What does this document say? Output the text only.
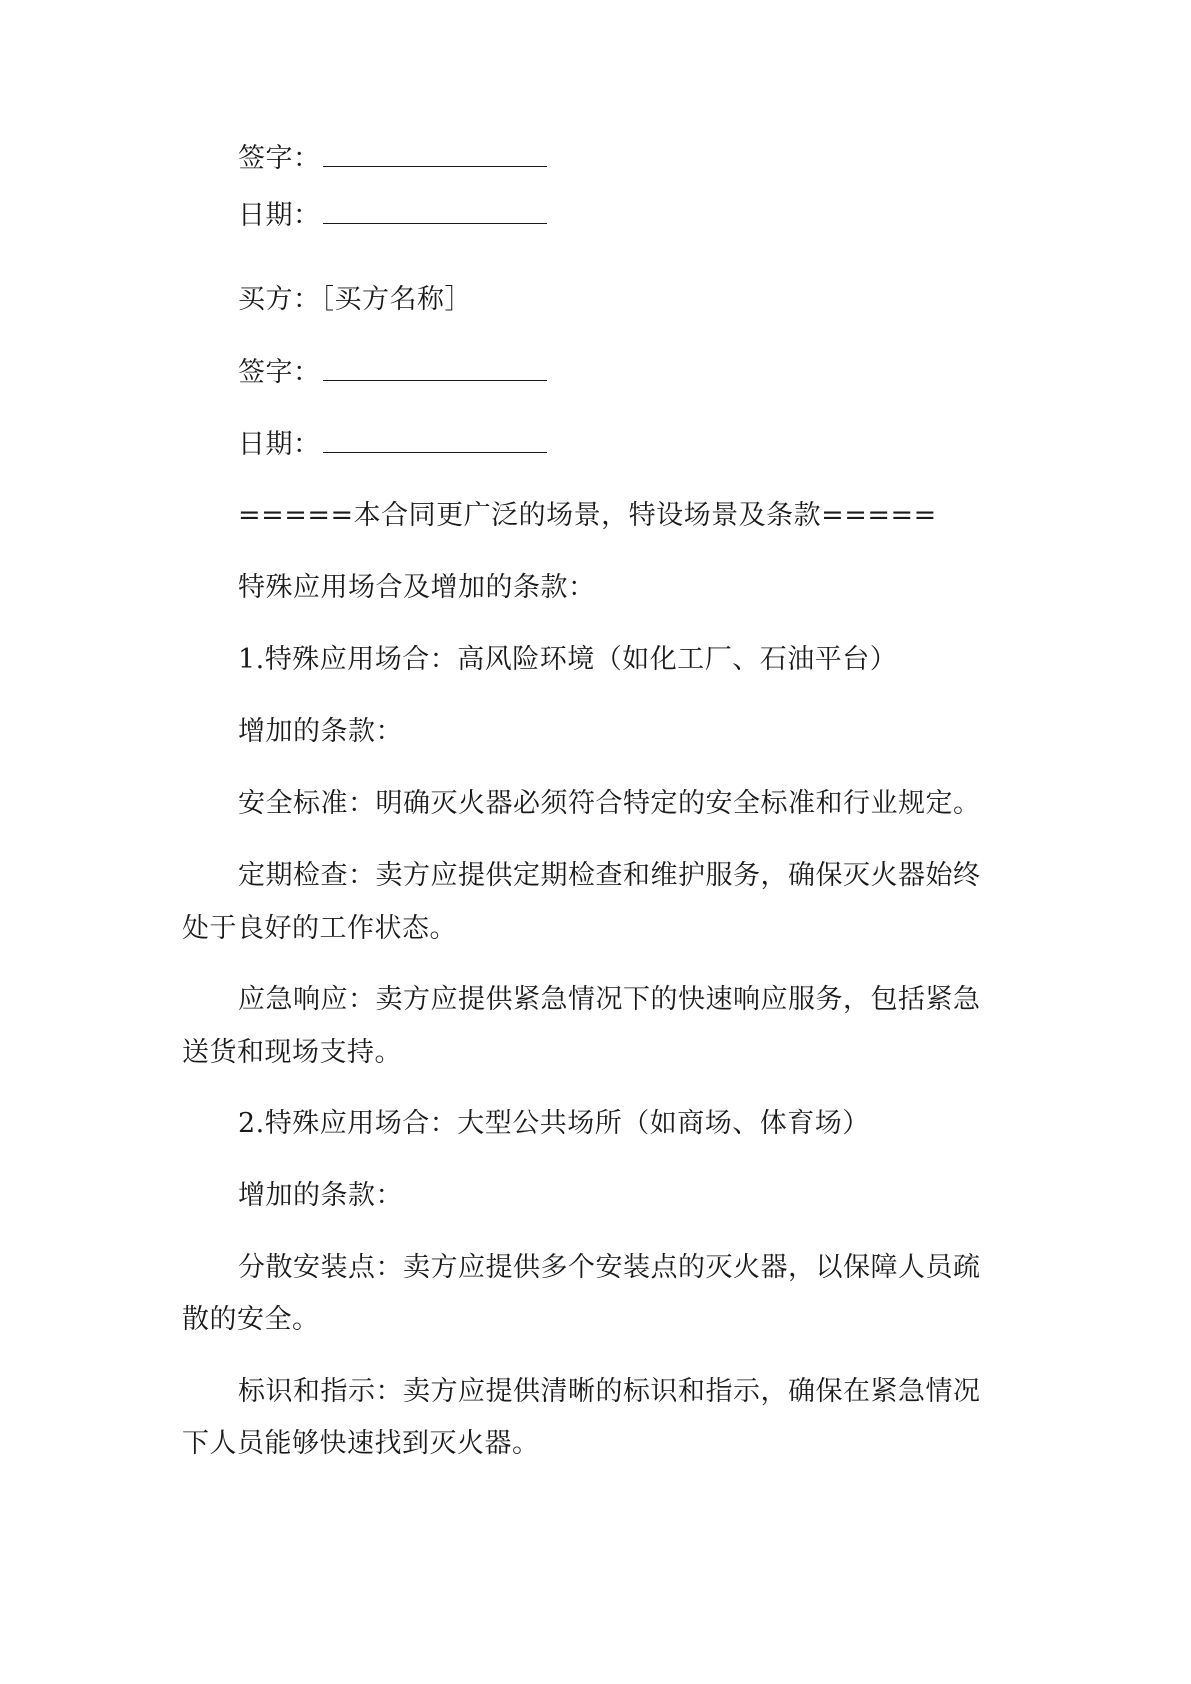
签字：
日期：
买方：［买方名称］
签字：
日期：
=====本合同更广泛的场景，特设场景及条款=====
特殊应用场合及增加的条款：
1.特殊应用场合：高风险环境（如化工厂、石油平台）
增加的条款：
安全标准：明确灭火器必须符合特定的安全标准和行业规定。
定期检查：卖方应提供定期检查和维护服务，确保灭火器始终
处于良好的工作状态。
应急响应：卖方应提供紧急情况下的快速响应服务，包括紧急
送货和现场支持。
2.特殊应用场合：大型公共场所（如商场、体育场）
增加的条款：
分散安装点：卖方应提供多个安装点的灭火器，以保障人员疏
散的安全。
标识和指示：卖方应提供清晰的标识和指示，确保在紧急情况
下人员能够快速找到灭火器。
